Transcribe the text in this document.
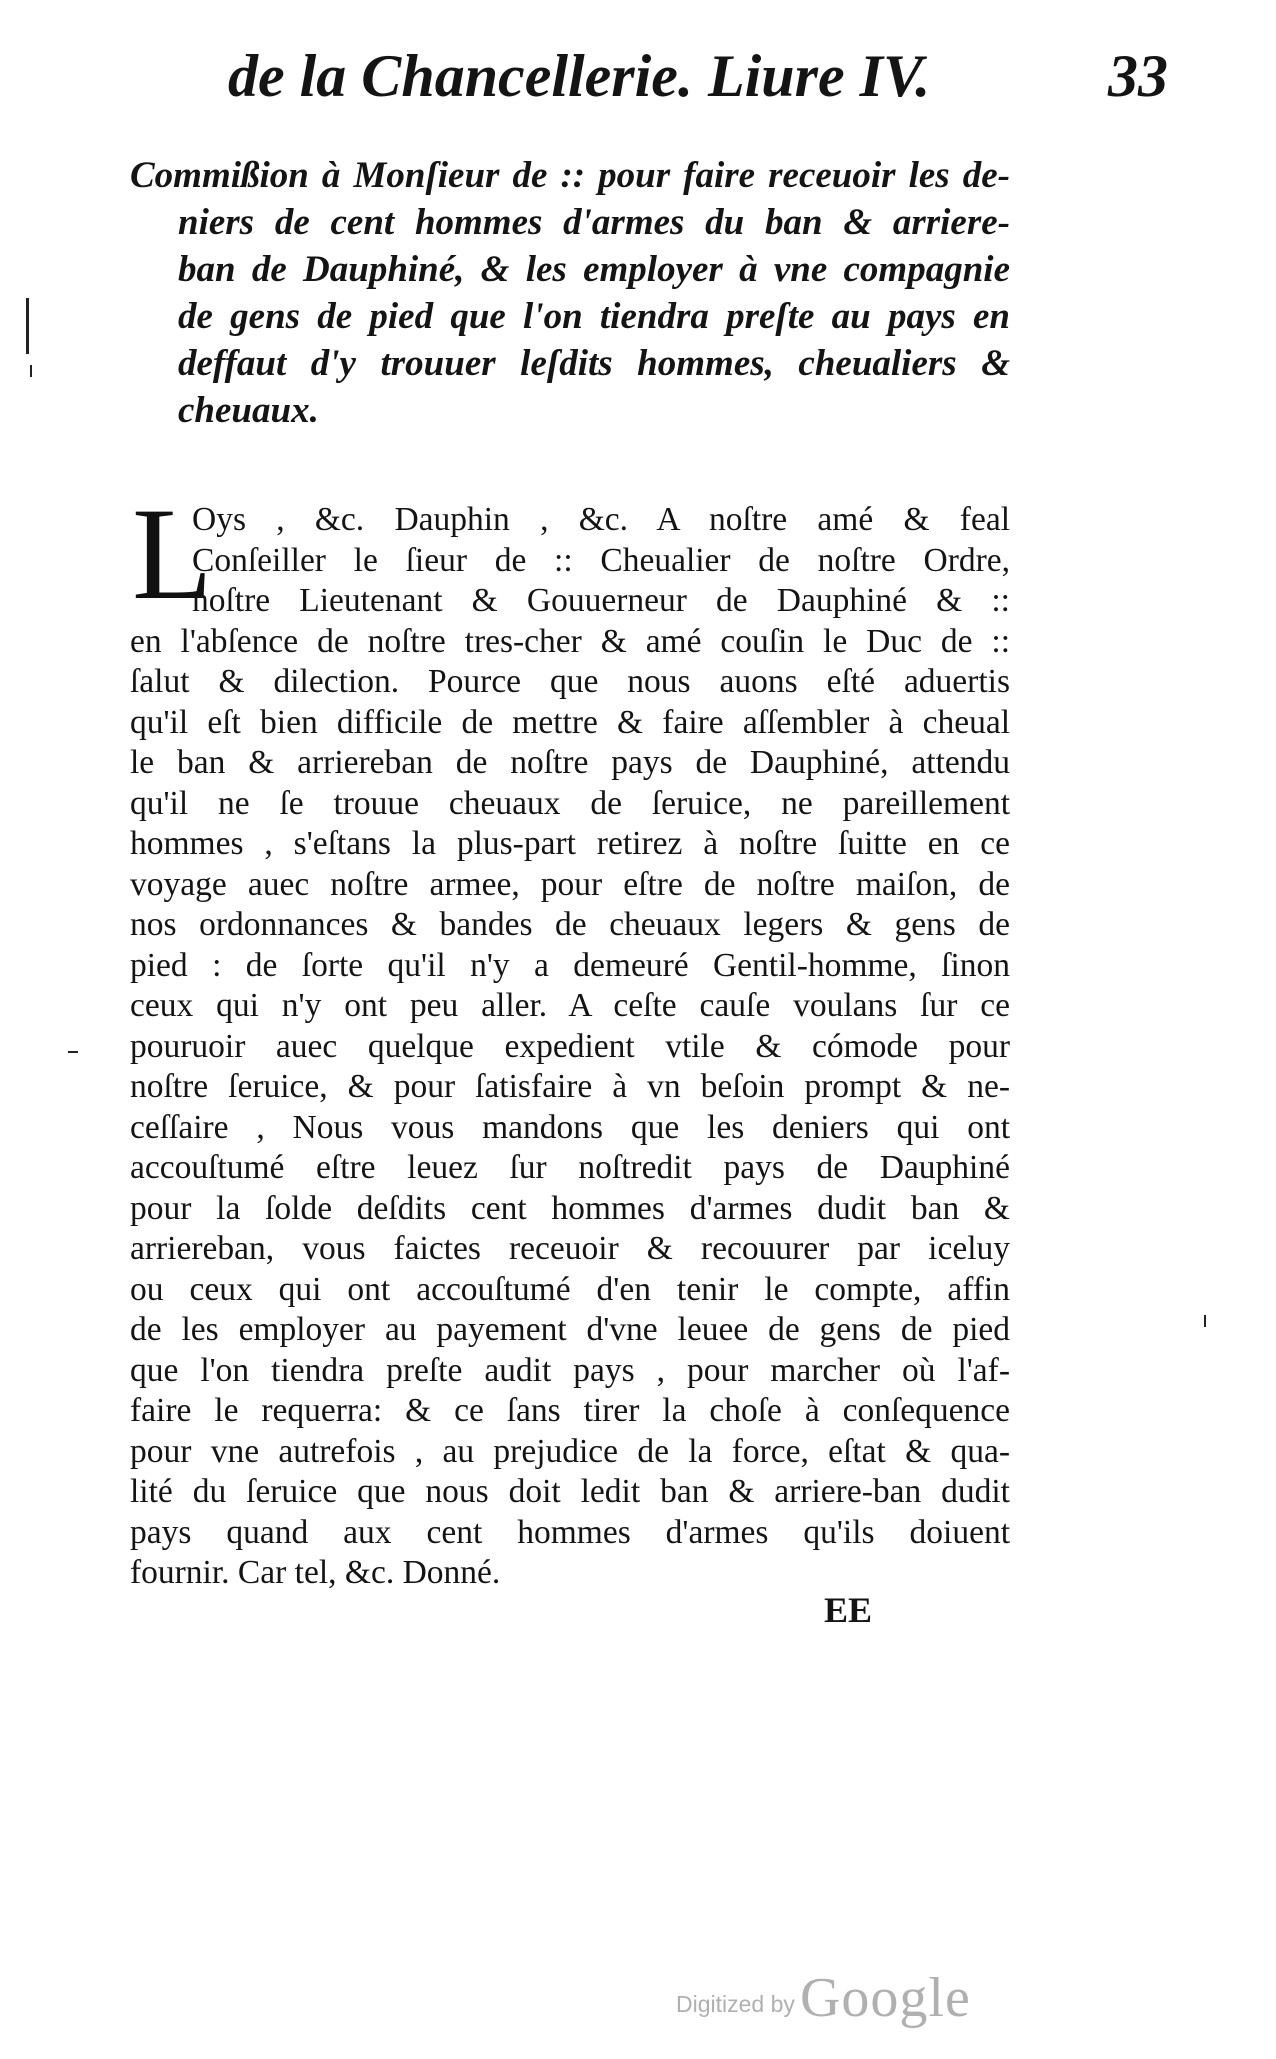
de la Chancellerie. Liure IV.	33
Commißion à Monſieur de :: pour faire receuoir les de-
niers de cent hommes d'armes du ban & arriere-
ban de Dauphiné, & les employer à vne compagnie
de gens de pied que l'on tiendra preſte au pays en
deffaut d'y trouuer leſdits hommes, cheualiers &
cheuaux.
L
Oys , &c. Dauphin , &c. A noſtre amé & feal
Conſeiller le ſieur de :: Cheualier de noſtre Ordre,
noſtre Lieutenant & Gouuerneur de Dauphiné & ::
en l'abſence de noſtre tres-cher & amé couſin le Duc de ::
ſalut & dilection. Pource que nous auons eſté aduertis
qu'il eſt bien difficile de mettre & faire aſſembler à cheual
le ban & arriereban de noſtre pays de Dauphiné, attendu
qu'il ne ſe trouue cheuaux de ſeruice, ne pareillement
hommes , s'eſtans la plus-part retirez à noſtre ſuitte en ce
voyage auec noſtre armee, pour eſtre de noſtre maiſon, de
nos ordonnances & bandes de cheuaux legers & gens de
pied : de ſorte qu'il n'y a demeuré Gentil-homme, ſinon
ceux qui n'y ont peu aller. A ceſte cauſe voulans ſur ce
pouruoir auec quelque expedient vtile & cómode pour
noſtre ſeruice, & pour ſatisfaire à vn beſoin prompt & ne-
ceſſaire , Nous vous mandons que les deniers qui ont
accouſtumé eſtre leuez ſur noſtredit pays de Dauphiné
pour la ſolde deſdits cent hommes d'armes dudit ban &
arriereban, vous faictes receuoir & recouurer par iceluy
ou ceux qui ont accouſtumé d'en tenir le compte, affin
de les employer au payement d'vne leuee de gens de pied
que l'on tiendra preſte audit pays , pour marcher où l'af-
faire le requerra: & ce ſans tirer la choſe à conſequence
pour vne autrefois , au prejudice de la force, eſtat & qua-
lité du ſeruice que nous doit ledit ban & arriere-ban dudit
pays quand aux cent hommes d'armes qu'ils doiuent
fournir. Car tel, &c. Donné.
EE
Digitized by Google
